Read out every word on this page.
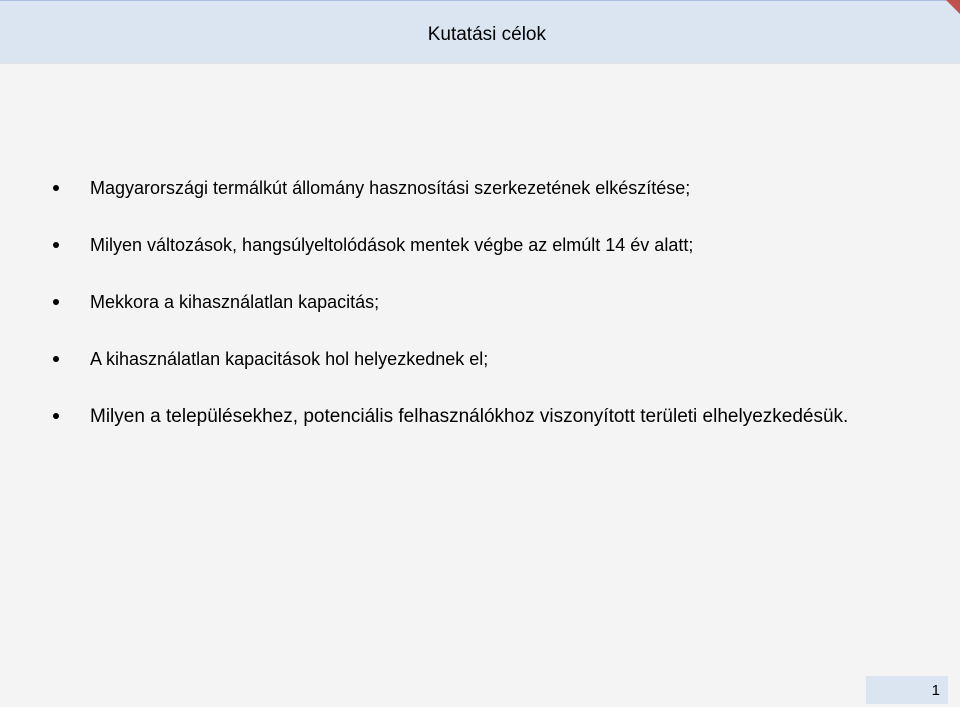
Kutatási célok
Magyarországi termálkút állomány hasznosítási szerkezetének elkészítése;
Milyen változások, hangsúlyeltolódások mentek végbe az elmúlt 14 év alatt;
Mekkora a kihasználatlan kapacitás;
A kihasználatlan kapacitások hol helyezkednek el;
Milyen a településekhez, potenciális felhasználókhoz viszonyított területi elhelyezkedésük.
1
